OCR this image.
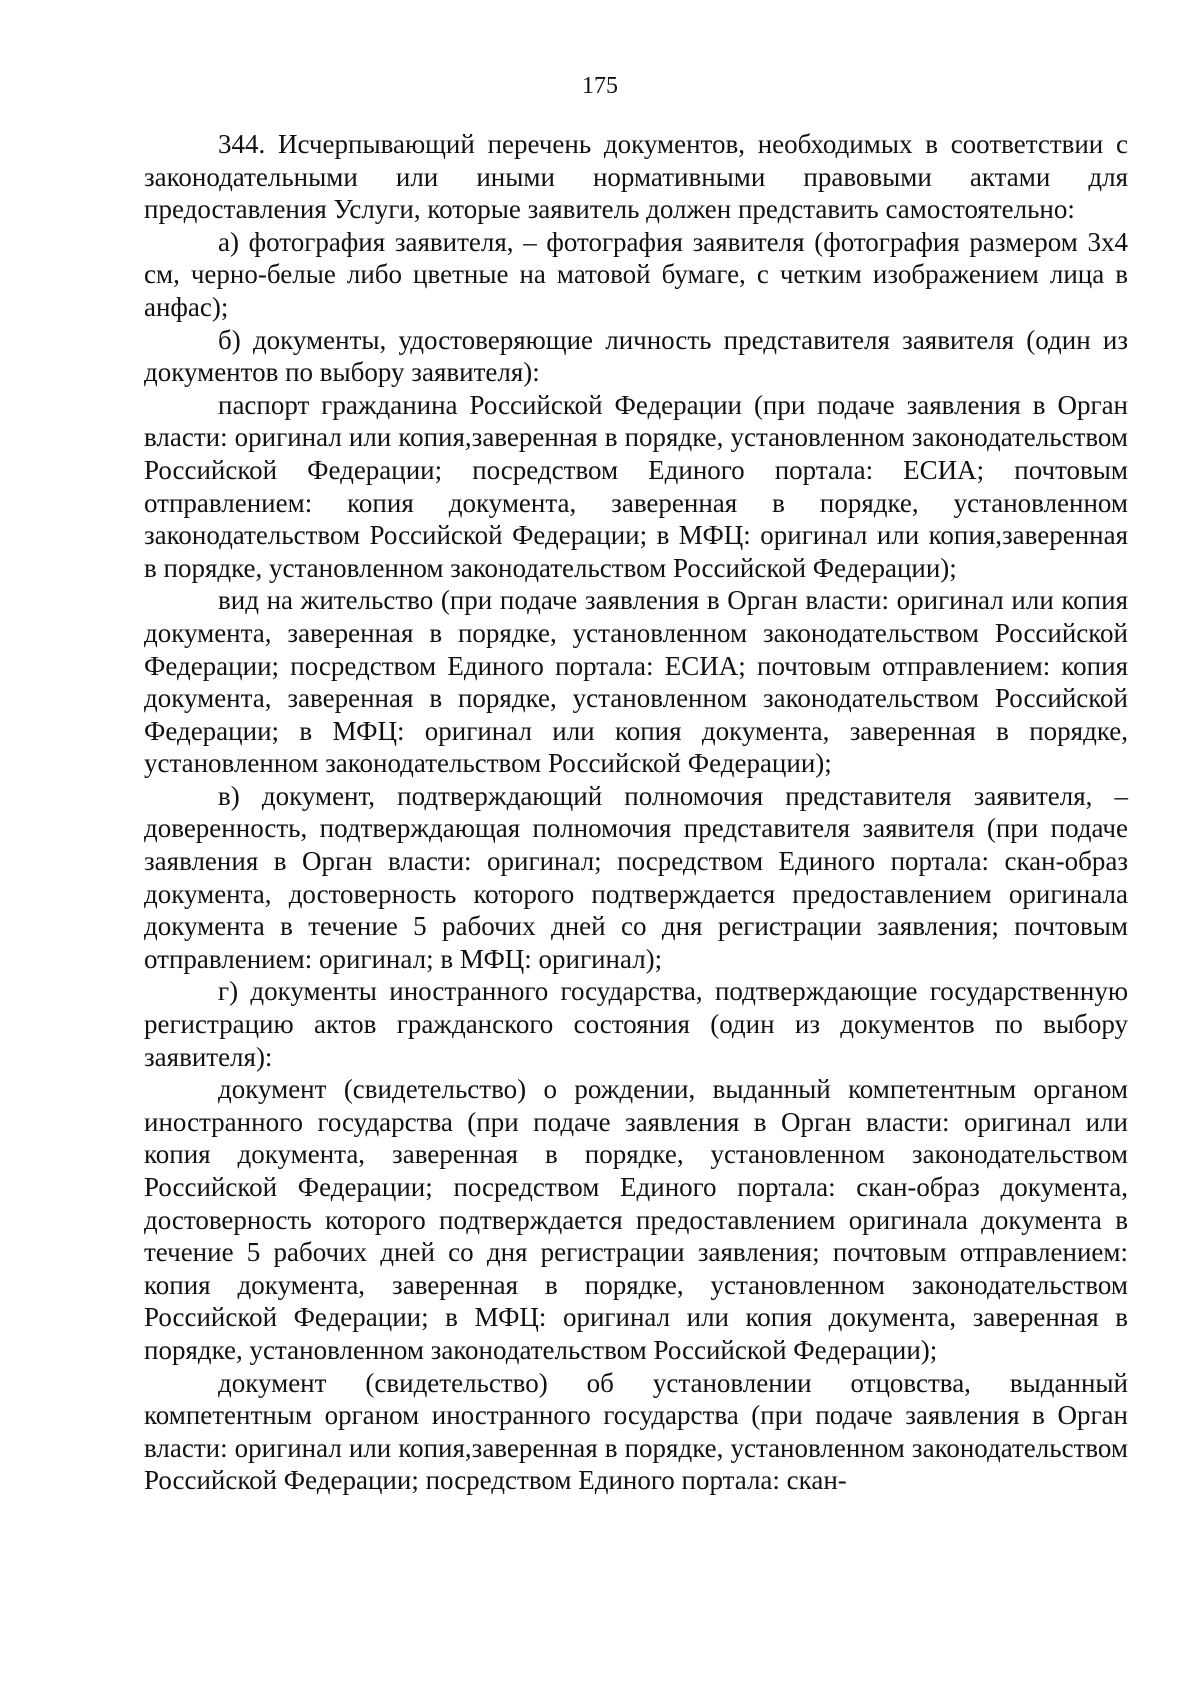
175

344. Исчерпывающий перечень документов, необходимых в соответствии с законодательными или иными нормативными правовыми актами для предоставления Услуги, которые заявитель должен представить самостоятельно:

а) фотография заявителя, – фотография заявителя (фотография размером 3х4 см, черно-белые либо цветные на матовой бумаге, с четким изображением лица в анфас);

б) документы, удостоверяющие личность представителя заявителя (один из документов по выбору заявителя):

паспорт гражданина Российской Федерации (при подаче заявления в Орган власти: оригинал или копия,заверенная в порядке, установленном законодательством Российской Федерации; посредством Единого портала: ЕСИА; почтовым отправлением: копия документа, заверенная в порядке, установленном законодательством Российской Федерации; в МФЦ: оригинал или копия,заверенная в порядке, установленном законодательством Российской Федерации);

вид на жительство (при подаче заявления в Орган власти: оригинал или копия документа, заверенная в порядке, установленном законодательством Российской Федерации; посредством Единого портала: ЕСИА; почтовым отправлением: копия документа, заверенная в порядке, установленном законодательством Российской Федерации; в МФЦ: оригинал или копия документа, заверенная в порядке, установленном законодательством Российской Федерации);

в) документ, подтверждающий полномочия представителя заявителя, – доверенность, подтверждающая полномочия представителя заявителя (при подаче заявления в Орган власти: оригинал; посредством Единого портала: скан-образ документа, достоверность которого подтверждается предоставлением оригинала документа в течение 5 рабочих дней со дня регистрации заявления; почтовым отправлением: оригинал; в МФЦ: оригинал);

г) документы иностранного государства, подтверждающие государственную регистрацию актов гражданского состояния (один из документов по выбору заявителя):

документ (свидетельство) о рождении, выданный компетентным органом иностранного государства (при подаче заявления в Орган власти: оригинал или копия документа, заверенная в порядке, установленном законодательством Российской Федерации; посредством Единого портала: скан-образ документа, достоверность которого подтверждается предоставлением оригинала документа в течение 5 рабочих дней со дня регистрации заявления; почтовым отправлением: копия документа, заверенная в порядке, установленном законодательством Российской Федерации; в МФЦ: оригинал или копия документа, заверенная в порядке, установленном законодательством Российской Федерации);

документ (свидетельство) об установлении отцовства, выданный компетентным органом иностранного государства (при подаче заявления в Орган власти: оригинал или копия,заверенная в порядке, установленном законодательством Российской Федерации; посредством Единого портала: скан-
